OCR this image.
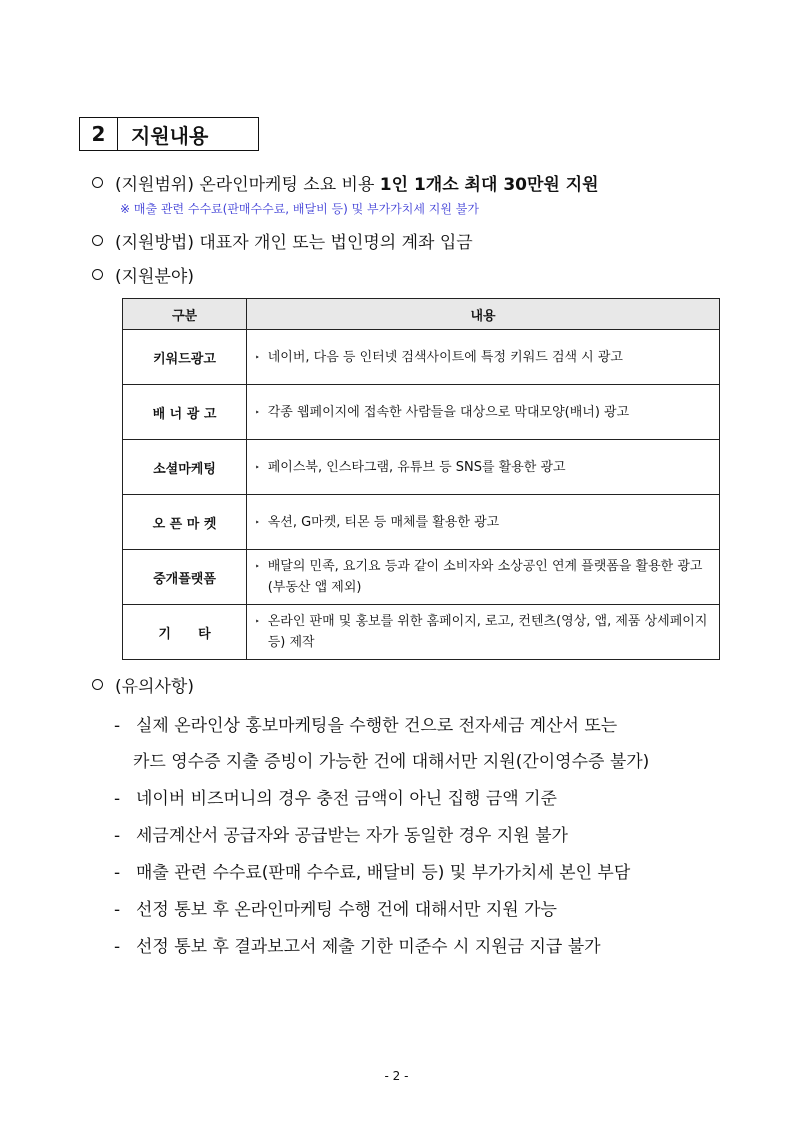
2	지원내용
(지원범위) 온라인마케팅 소요 비용 1인 1개소 최대 30만원 지원
※ 매출 관련 수수료(판매수수료, 배달비 등) 및 부가가치세 지원 불가
(지원방법) 대표자 개인 또는 법인명의 계좌 입금
(지원분야)
구분	내용
키워드광고	‣ 네이버, 다음 등 인터넷 검색사이트에 특정 키워드 검색 시 광고

배 너 광 고	‣ 각종 웹페이지에 접속한 사람들을 대상으로 막대모양(배너) 광고

소셜마케팅	‣ 페이스북, 인스타그램, 유튜브 등 SNS를 활용한 광고

오 픈 마 켓	‣ 옥션, G마켓, 티몬 등 매체를 활용한 광고

중개플랫폼	‣ 배달의 민족, 요기요 등과 같이 소비자와 소상공인 연계 플랫폼을 활용한 광고(부동산 앱 제외)

기      타	‣ 온라인 판매 및 홍보를 위한 홈페이지, 로고, 컨텐츠(영상, 앱, 제품 상세페이지 등) 제작
(유의사항)
- 실제 온라인상 홍보마케팅을 수행한 건으로 전자세금 계산서 또는
카드 영수증 지출 증빙이 가능한 건에 대해서만 지원(간이영수증 불가)
- 네이버 비즈머니의 경우 충전 금액이 아닌 집행 금액 기준
- 세금계산서 공급자와 공급받는 자가 동일한 경우 지원 불가
- 매출 관련 수수료(판매 수수료, 배달비 등) 및 부가가치세 본인 부담
- 선정 통보 후 온라인마케팅 수행 건에 대해서만 지원 가능
- 선정 통보 후 결과보고서 제출 기한 미준수 시 지원금 지급 불가
- 2 -
